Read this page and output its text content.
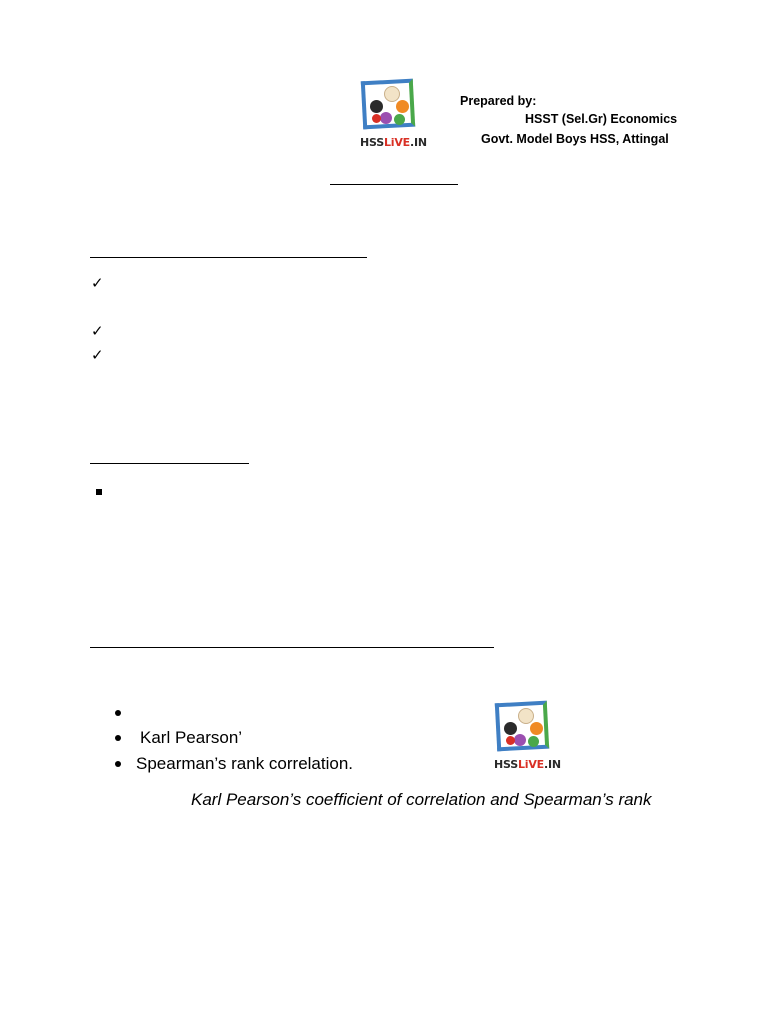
HSSLiVE.IN
Prepared by:
HSST (Sel.Gr) Economics
Govt. Model Boys HSS, Attingal
✓
✓
✓
Karl Pearson’
Spearman’s rank correlation.	HSSLiVE.IN
Karl Pearson’s coefficient of correlation and Spearman’s rank
